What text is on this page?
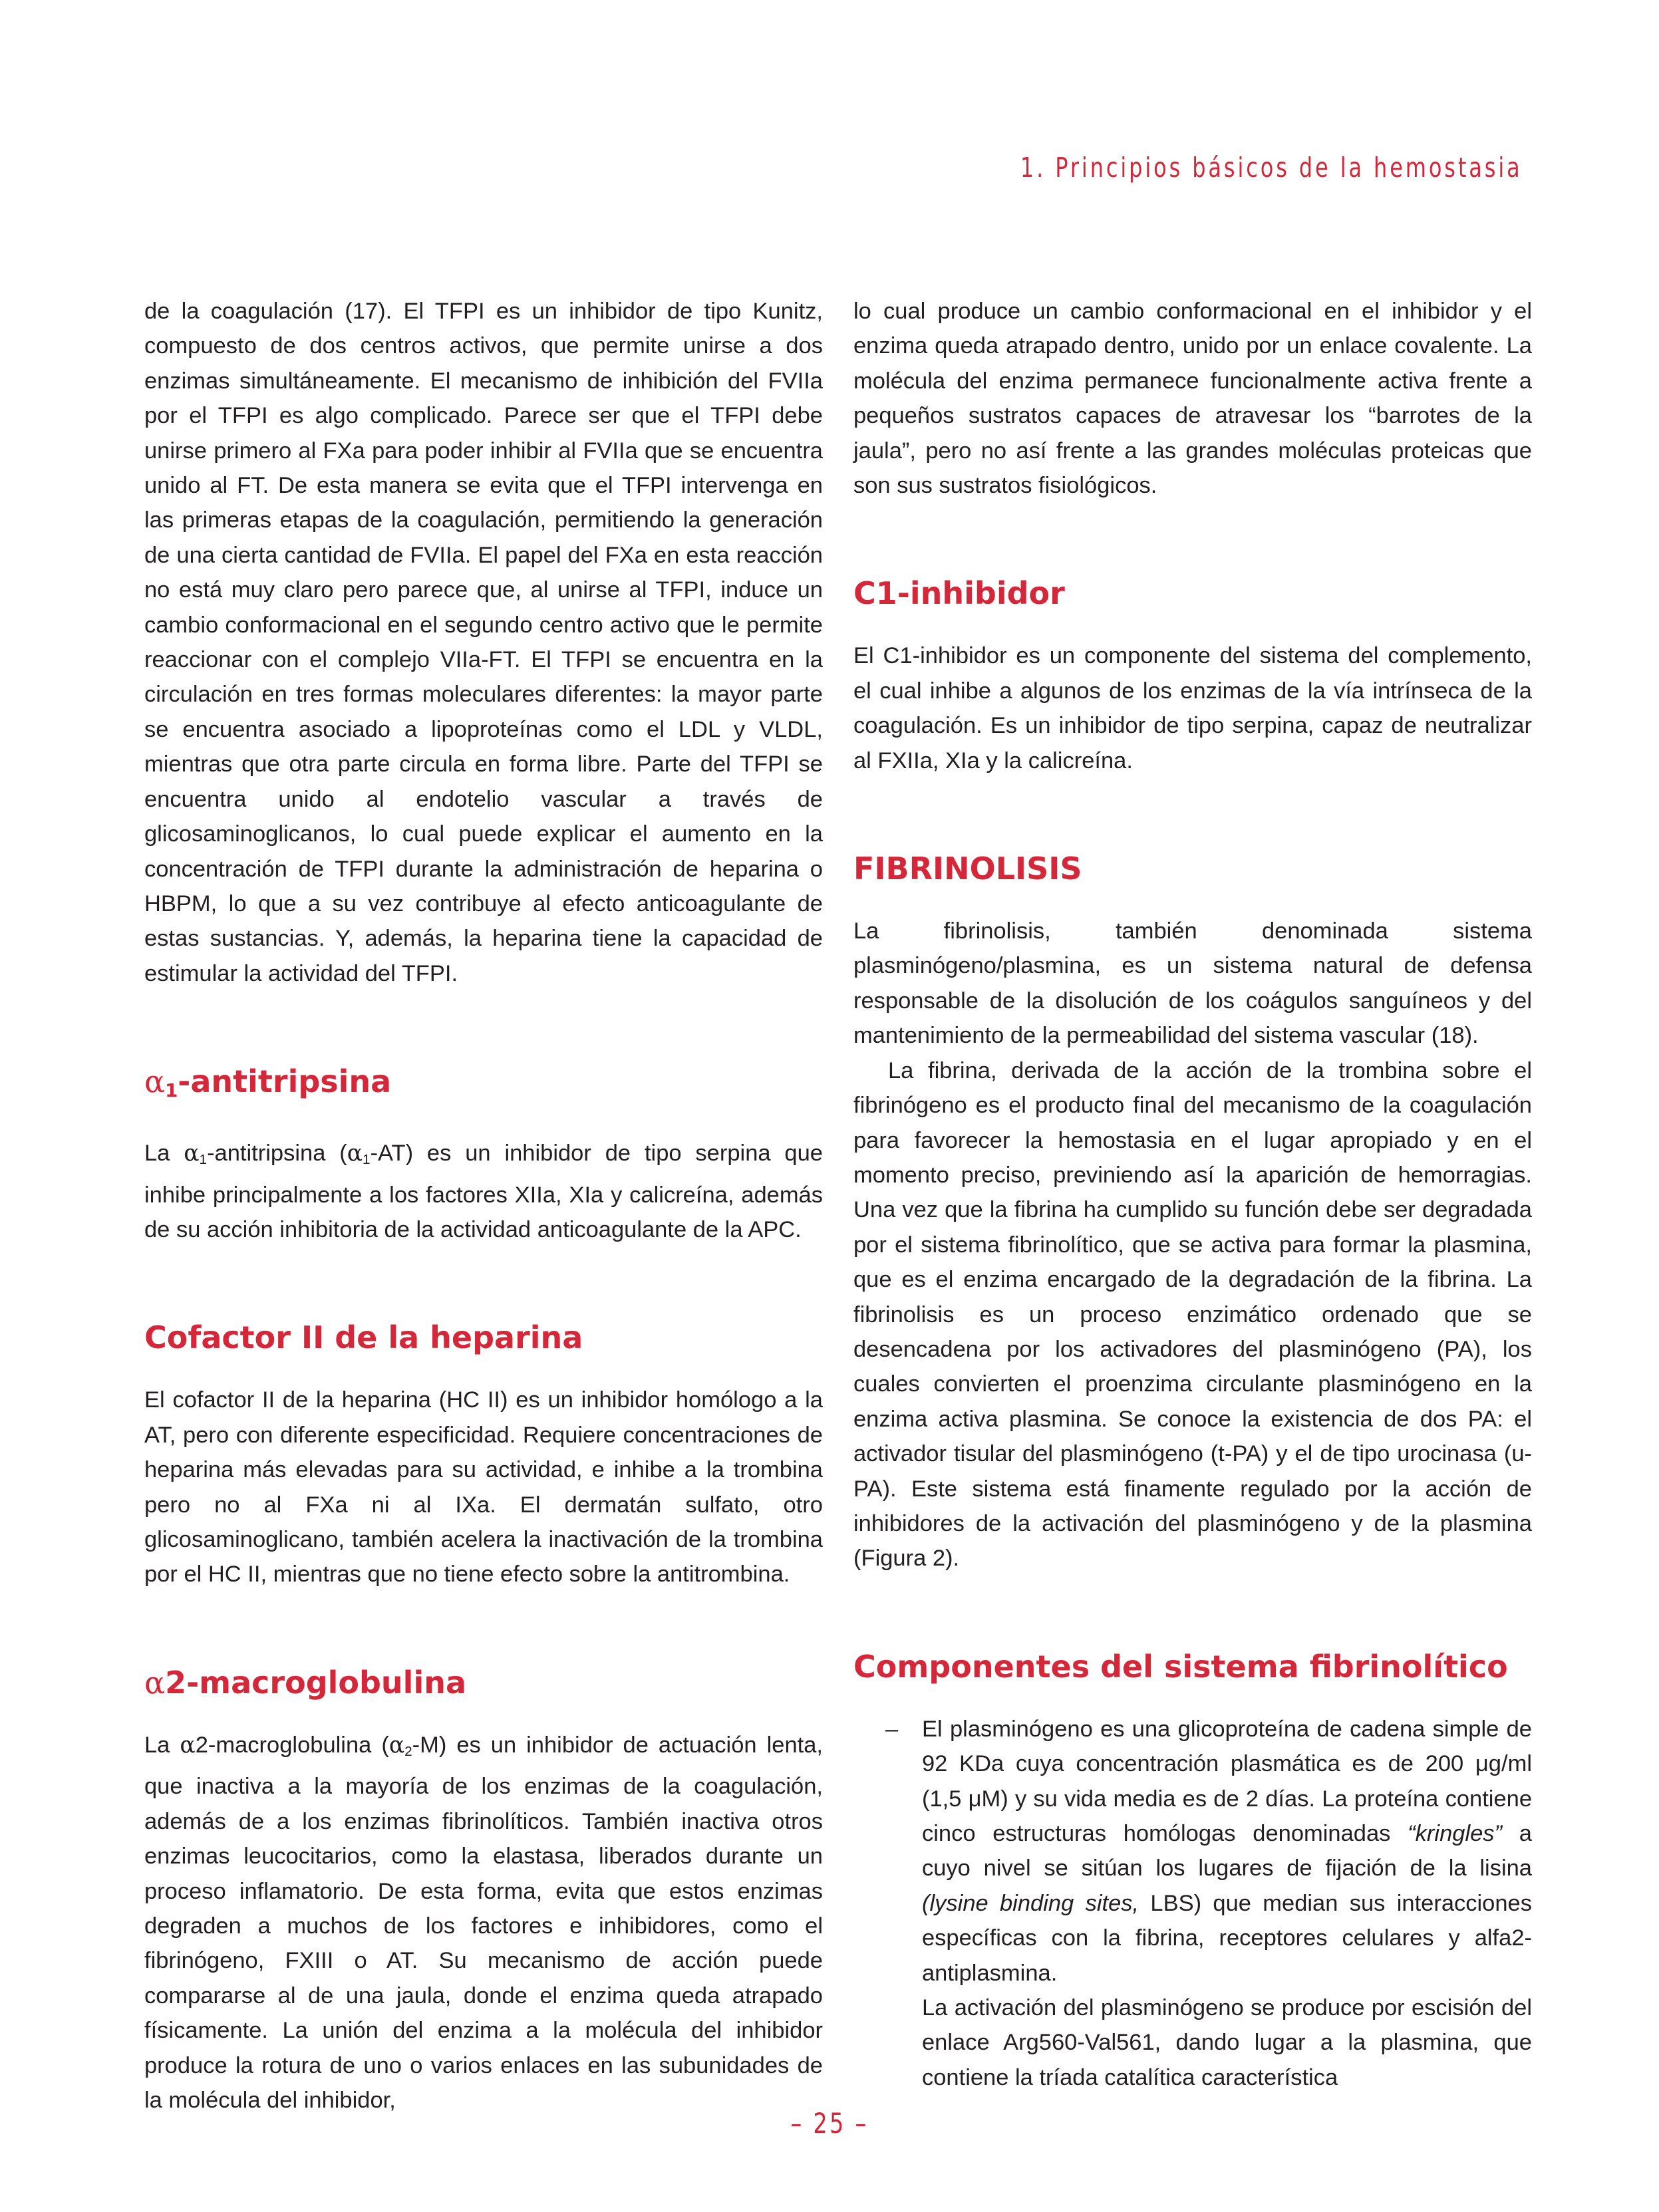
1. Principios básicos de la hemostasia

de la coagulación (17). El TFPI es un inhibidor de tipo Kunitz, compuesto de dos centros activos, que permite unirse a dos enzimas simultáneamente. El mecanismo de inhibición del FVIIa por el TFPI es algo complicado. Parece ser que el TFPI debe unirse primero al FXa para poder inhibir al FVIIa que se encuentra unido al FT. De esta manera se evita que el TFPI intervenga en las primeras etapas de la coagulación, permitiendo la generación de una cierta cantidad de FVIIa. El papel del FXa en esta reacción no está muy claro pero parece que, al unirse al TFPI, induce un cambio conformacional en el segundo centro activo que le permite reaccionar con el complejo VIIa-FT. El TFPI se encuentra en la circulación en tres formas moleculares diferentes: la mayor parte se encuentra asociado a lipoproteínas como el LDL y VLDL, mientras que otra parte circula en forma libre. Parte del TFPI se encuentra unido al endotelio vascular a través de glicosaminoglicanos, lo cual puede explicar el aumento en la concentración de TFPI durante la administración de heparina o HBPM, lo que a su vez contribuye al efecto anticoagulante de estas sustancias. Y, además, la heparina tiene la capacidad de estimular la actividad del TFPI.

$\alpha_1$-antitripsina

La $\alpha_1$-antitripsina $(\alpha_1-AT)$ es un inhibidor de tipo serpina que inhibe principalmente a los factores XIIa, XIa y calicreína, además de su acción inhibitoria de la actividad anticoagulante de la APC.

Cofactor II de la heparina

El cofactor II de la heparina (HC II) es un inhibidor homólogo a la AT, pero con diferente especificidad. Requiere concentraciones de heparina más elevadas para su actividad, e inhibe a la trombina pero no al FXa ni al IXa. El dermatán sulfato, otro glicosaminoglicano, también acelera la inactivación de la trombina por el HC II, mientras que no tiene efecto sobre la antitrombina.

α2-macroglobulina

La α2-macroglobulina $(\alpha_2-M)$ es un inhibidor de actuación lenta, que inactiva a la mayoría de los enzimas de la coagulación, además de a los enzimas fibrinolíticos. También inactiva otros enzimas leucocitarios, como la elastasa, liberados durante un proceso inflamatorio. De esta forma, evita que estos enzimas degraden a muchos de los factores e inhibidores, como el fibrinógeno, FXIII o AT. Su mecanismo de acción puede compararse al de una jaula, donde el enzima queda atrapado físicamente. La unión del enzima a la molécula del inhibidor produce la rotura de uno o varios enlaces en las subunidades de la molécula del inhibidor,

lo cual produce un cambio conformacional en el inhibidor y el enzima queda atrapado dentro, unido por un enlace covalente. La molécula del enzima permanece funcionalmente activa frente a pequeños sustratos capaces de atravesar los “barrotes de la jaula”, pero no así frente a las grandes moléculas proteicas que son sus sustratos fisiológicos.

C1-inhibidor

El C1-inhibidor es un componente del sistema del complemento, el cual inhibe a algunos de los enzimas de la vía intrínseca de la coagulación. Es un inhibidor de tipo serpina, capaz de neutralizar al FXIIa, XIa y la calicreína.

FIBRINOLISIS

La fibrinolisis, también denominada sistema plasminógeno/plasmina, es un sistema natural de defensa responsable de la disolución de los coágulos sanguíneos y del mantenimiento de la permeabilidad del sistema vascular (18).

La fibrina, derivada de la acción de la trombina sobre el fibrinógeno es el producto final del mecanismo de la coagulación para favorecer la hemostasia en el lugar apropiado y en el momento preciso, previniendo así la aparición de hemorragias. Una vez que la fibrina ha cumplido su función debe ser degradada por el sistema fibrinolítico, que se activa para formar la plasmina, que es el enzima encargado de la degradación de la fibrina. La fibrinolisis es un proceso enzimático ordenado que se desencadena por los activadores del plasminógeno (PA), los cuales convierten el proenzima circulante plasminógeno en la enzima activa plasmina. Se conoce la existencia de dos PA: el activador tisular del plasminógeno (t-PA) y el de tipo urocinasa (u-PA). Este sistema está finamente regulado por la acción de inhibidores de la activación del plasminógeno y de la plasmina (Figura 2).

Componentes del sistema fibrinolítico
– El plasminógeno es una glicoproteína de cadena simple de 92 KDa cuya concentración plasmática es de 200 μg/ml (1,5 μM) y su vida media es de 2 días. La proteína contiene cinco estructuras homólogas denominadas “kringles” a cuyo nivel se sitúan los lugares de fijación de la lisina (lysine binding sites, LBS) que median sus interacciones específicas con la fibrina, receptores celulares y alfa2-antiplasmina.

La activación del plasminógeno se produce por escisión del enlace Arg560-Val561, dando lugar a la plasmina, que contiene la tríada catalítica característica

– 25 –
